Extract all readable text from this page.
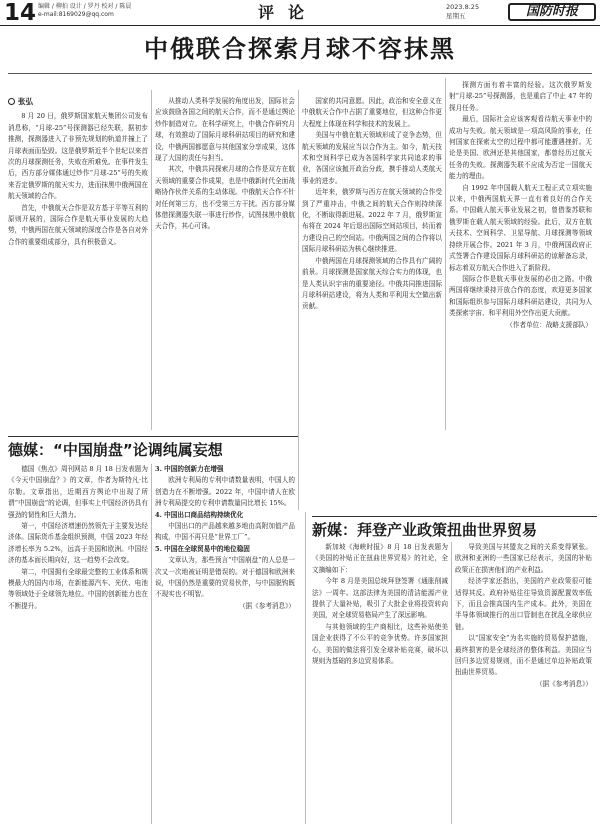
14 编辑 / 柳拍 设计 / 罗丹 校对 / 陈晨
e-mail:8169029@qq.com	评论	2023.8.25
星期五	国防时报
中俄联合探索月球不容抹黑

张弘

8 月 20 日，俄罗斯国家航天集团公司发布消息称，“月球-25”号探测器已经失联，据初步推测，探测器进入了非预先规划的轨道并撞上了月球表面而坠毁。这是俄罗斯近半个世纪以来首次的月球探测任务，失败在所难免。在事件发生后，西方部分媒体通过炒作“月球-25”号的失败来否定俄罗斯的航天实力，进而抹黑中俄两国在航天领域的合作。

首先，中俄航天合作是双方基于平等互利的原则开展的，国际合作是航天事业发展的大趋势，中俄两国在航天领域的深度合作是各自对外合作的重要组成部分，具有积极意义。

从推动人类科学发展的角度出发，国际社会应该鼓励各国之间的航天合作，而不是通过舆论炒作制造对立。在科学研究上，中俄合作研究月球，有效推动了国际月球科研站项目的研究和建设，中俄两国都愿意与其他国家分享成果，这体现了大国的责任与担当。

其次，中俄共同探索月球的合作是双方在航天领域的重要合作成果，也是中俄新时代全面战略协作伙伴关系的生动体现。中俄航天合作不针对任何第三方，也不受第三方干扰。西方部分媒体借探测器失联一事进行炒作，试图抹黑中俄航天合作，其心可诛。

国家的共同意愿。因此，政治和安全意义在中俄航天合作中占据了重要地位，但这种合作更大程度上体现在科学和技术的发展上。

美国与中俄在航天领域形成了竞争态势，但航天领域的发展应当以合作为主。如今，航天技术和空间科学已成为各国科学家共同追求的事业，各国应该抛开政治分歧，携手推动人类航天事业的进步。

近年来，俄罗斯与西方在航天领域的合作受到了严重冲击，中俄之间的航天合作则持续深化，不断取得新进展。2022 年 7 月，俄罗斯宣布将在 2024 年后退出国际空间站项目，转而着力建设自己的空间站。中俄两国之间的合作将以国际月球科研站为核心继续推进。

中俄两国在月球探测领域的合作具有广阔的前景。月球探测是国家航天综合实力的体现，也是人类认识宇宙的重要途径。中俄共同推进国际月球科研站建设，将为人类和平利用太空做出新贡献。

探测方面有着丰富的经验。这次俄罗斯发射“月球-25”号探测器，也是重启了中止 47 年的探月任务。

最后，国际社会应该客观看待航天事业中的成功与失败。航天领域是一项高风险的事业，任何国家在探索太空的过程中都可能遭遇挫折。无论是美国、欧洲还是其他国家，都曾经历过航天任务的失败。探测器失联不应成为否定一国航天能力的理由。

自 1992 年中国载人航天工程正式立项实施以来，中俄两国航天界一直有着良好的合作关系。中国载人航天事业发展之初，曾借鉴苏联和俄罗斯在载人航天领域的经验。此后，双方在航天技术、空间科学、卫星导航、月球探测等领域持续开展合作。2021 年 3 月，中俄两国政府正式签署合作建设国际月球科研站的谅解备忘录，标志着双方航天合作进入了新阶段。

国际合作是航天事业发展的必由之路。中俄两国将继续秉持开放合作的态度，欢迎更多国家和国际组织参与国际月球科研站建设，共同为人类探索宇宙、和平利用外空作出更大贡献。

（作者单位：战略支援部队）

德媒：“中国崩盘”论调纯属妄想

德国《焦点》周刊网站 8 月 18 日发表题为《今天中国崩盘？》的文章，作者为斯特凡·比尔勒。文章指出，近期西方舆论中出现了所谓“中国崩盘”的论调，但事实上中国经济仍具有强劲的韧性和巨大潜力。

第一，中国经济增速仍然领先于主要发达经济体。国际货币基金组织预测，中国 2023 年经济增长率为 5.2%，远高于美国和欧洲。中国经济的基本面长期向好，这一趋势不会改变。

第二，中国拥有全球最完整的工业体系和规模最大的国内市场，在新能源汽车、光伏、电池等领域处于全球领先地位。中国的创新能力也在不断提升。

3. 中国的创新力在增强

欧洲专利局的专利申请数量表明，中国人的创造力在不断增强。2022 年，中国申请人在欧洲专利局提交的专利申请数量同比增长 15%。

4. 中国出口商品结构持续优化

中国出口的产品越来越多地由高附加值产品构成，中国不再只是“世界工厂”。

5. 中国在全球贸易中的地位稳固

文章认为，那些预言“中国崩盘”的人总是一次又一次地被证明是错误的。对于德国和欧洲来说，中国仍然是重要的贸易伙伴，与中国脱钩既不现实也不明智。

（据《参考消息》）

新媒：拜登产业政策扭曲世界贸易

新加坡《海峡时报》8 月 18 日发表题为《美国的补贴正在扭曲世界贸易》的社论，全文摘编如下：

今年 8 月是美国总统拜登签署《通胀削减法》一周年。这部法律为美国的清洁能源产业提供了大量补贴，吸引了大批企业将投资转向美国，对全球贸易格局产生了深远影响。

与其他领域的生产商相比，这些补贴使美国企业获得了不公平的竞争优势。许多国家担心，美国的做法将引发全球补贴竞赛，破坏以规则为基础的多边贸易体系。

导致美国与其盟友之间的关系变得紧张。欧洲和亚洲的一些国家已经表示，美国的补贴政策正在损害他们的产业利益。

经济学家还指出，美国的产业政策很可能适得其反。政府补贴往往导致资源配置效率低下，而且会推高国内生产成本。此外，美国在半导体领域推行的出口管制也在扰乱全球供应链。

以“国家安全”为名实施的贸易保护措施，最终损害的是全球经济的整体利益。美国应当回归多边贸易规则，而不是通过单边补贴政策扭曲世界贸易。

（据《参考消息》）
